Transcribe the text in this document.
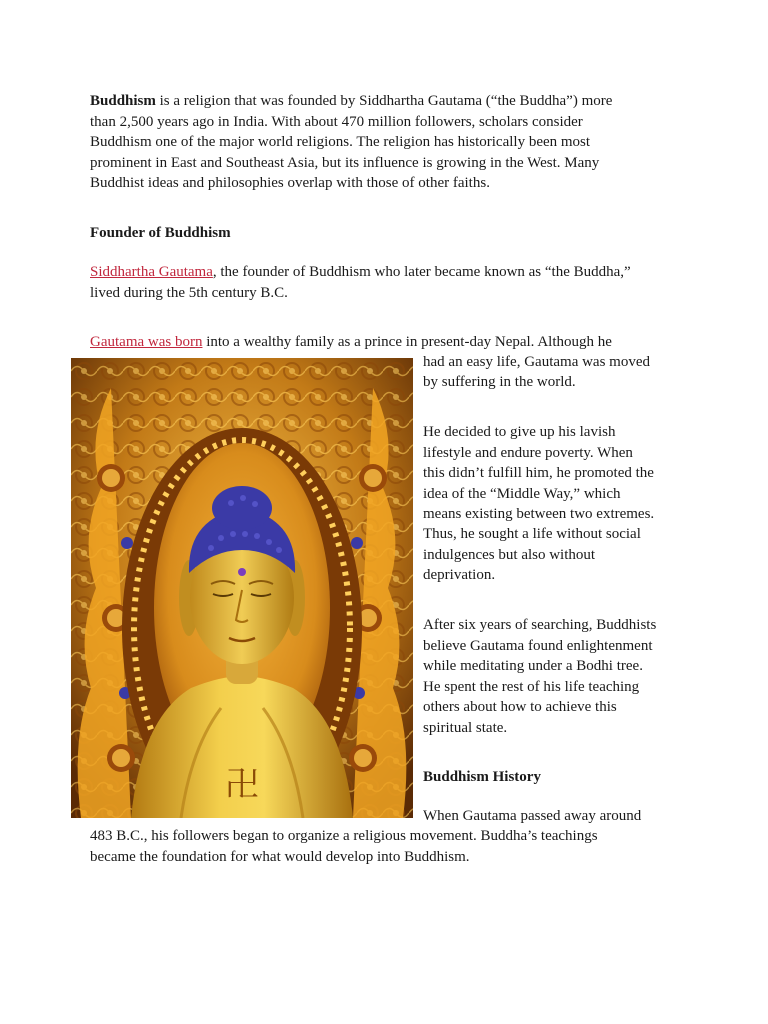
Buddhism is a religion that was founded by Siddhartha Gautama (“the Buddha”) more
than 2,500 years ago in India. With about 470 million followers, scholars consider
Buddhism one of the major world religions. The religion has historically been most
prominent in East and Southeast Asia, but its influence is growing in the West. Many
Buddhist ideas and philosophies overlap with those of other faiths.
Founder of Buddhism
Siddhartha Gautama, the founder of Buddhism who later became known as “the Buddha,”
lived during the 5th century B.C.
Gautama was born into a wealthy family as a prince in present-day Nepal. Although he
had an easy life, Gautama was moved
by suffering in the world.
He decided to give up his lavish
lifestyle and endure poverty. When
this didn’t fulfill him, he promoted the
idea of the “Middle Way,” which
means existing between two extremes.
Thus, he sought a life without social
indulgences but also without
deprivation.
After six years of searching, Buddhists
believe Gautama found enlightenment
while meditating under a Bodhi tree.
He spent the rest of his life teaching
others about how to achieve this
spiritual state.
Buddhism History
When Gautama passed away around
483 B.C., his followers began to organize a religious movement. Buddha’s teachings
became the foundation for what would develop into Buddhism.
卍
